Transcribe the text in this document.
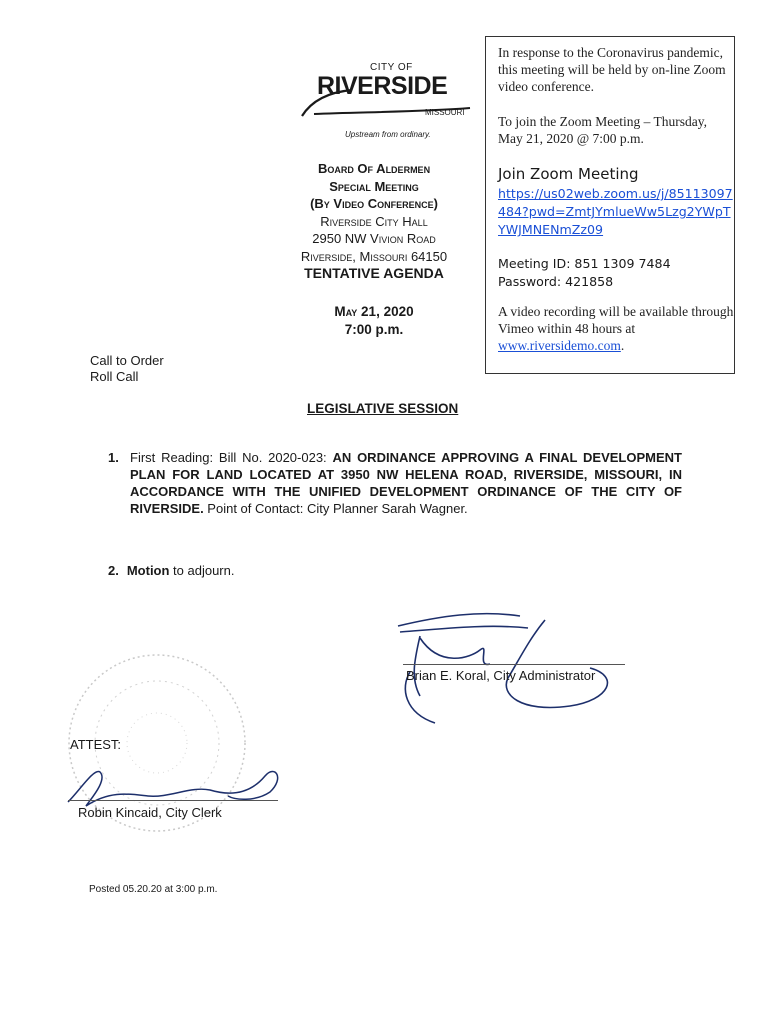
CITY OF
RIVERSIDE
MISSOURI
Upstream from ordinary.
Board Of Aldermen
Special Meeting
(By Video Conference)
Riverside City Hall
2950 NW Vivion Road
Riverside, Missouri 64150
TENTATIVE AGENDA
May 21, 2020
7:00 p.m.
In response to the Coronavirus pandemic, this meeting will be held by on-line Zoom video conference.
To join the Zoom Meeting – Thursday, May 21, 2020 @ 7:00 p.m.
Join Zoom Meeting
https://us02web.zoom.us/j/85113097484?pwd=ZmtJYmlueWw5Lzg2YWpTYWJMNENmZz09
Meeting ID: 851 1309 7484
Password: 421858
A video recording will be available through Vimeo within 48 hours at www.riversidemo.com.
Call to Order
Roll Call
LEGISLATIVE SESSION
1. First Reading: Bill No. 2020-023: AN ORDINANCE APPROVING A FINAL DEVELOPMENT PLAN FOR LAND LOCATED AT 3950 NW HELENA ROAD, RIVERSIDE, MISSOURI, IN ACCORDANCE WITH THE UNIFIED DEVELOPMENT ORDINANCE OF THE CITY OF RIVERSIDE. Point of Contact: City Planner Sarah Wagner.
2. Motion to adjourn.
Brian E. Koral, City Administrator
ATTEST:
Robin Kincaid, City Clerk
Posted 05.20.20 at 3:00 p.m.
